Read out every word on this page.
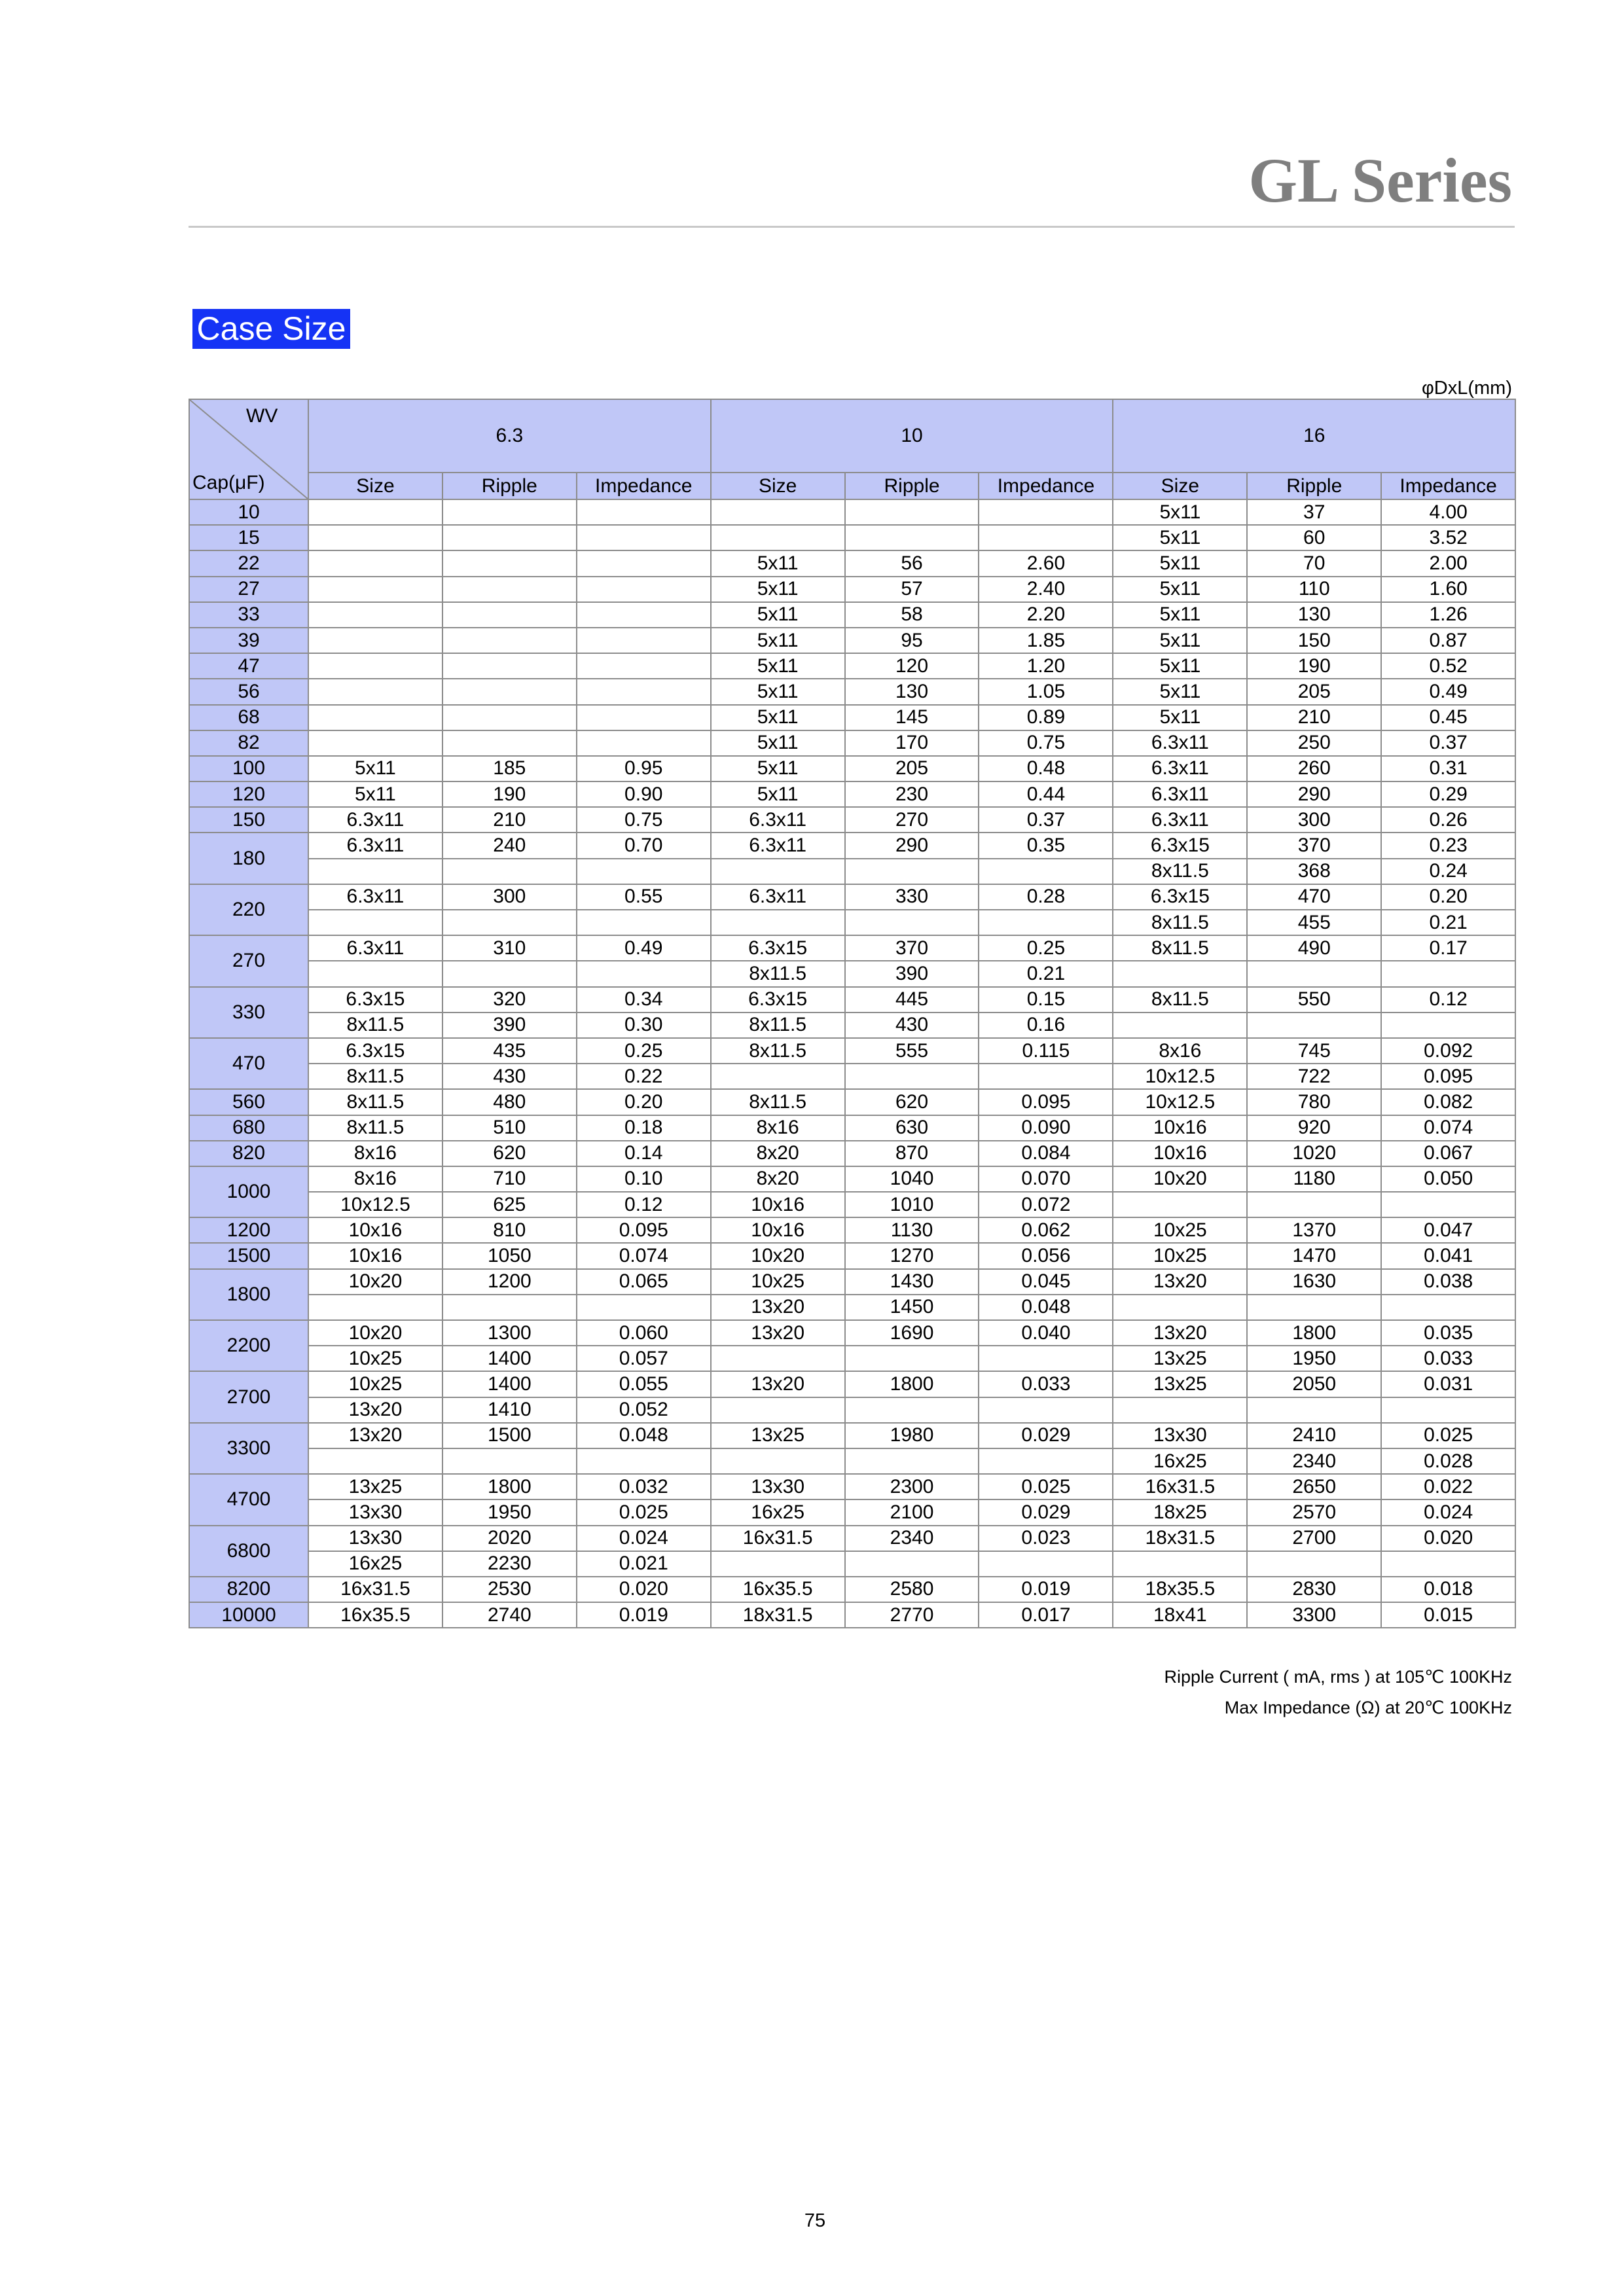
GL Series
Case Size
φDxL(mm)
WV
Cap(μF)	6.3			10			16		
	Size	Ripple	Impedance	Size	Ripple	Impedance	Size	Ripple	Impedance
10							5x11	37	4.00
15							5x11	60	3.52
22				5x11	56	2.60	5x11	70	2.00
27				5x11	57	2.40	5x11	110	1.60
33				5x11	58	2.20	5x11	130	1.26
39				5x11	95	1.85	5x11	150	0.87
47				5x11	120	1.20	5x11	190	0.52
56				5x11	130	1.05	5x11	205	0.49
68				5x11	145	0.89	5x11	210	0.45
82				5x11	170	0.75	6.3x11	250	0.37
100	5x11	185	0.95	5x11	205	0.48	6.3x11	260	0.31
120	5x11	190	0.90	5x11	230	0.44	6.3x11	290	0.29
150	6.3x11	210	0.75	6.3x11	270	0.37	6.3x11	300	0.26
180	6.3x11	240	0.70	6.3x11	290	0.35	6.3x15	370	0.23
							8x11.5	368	0.24
220	6.3x11	300	0.55	6.3x11	330	0.28	6.3x15	470	0.20
							8x11.5	455	0.21
270	6.3x11	310	0.49	6.3x15	370	0.25	8x11.5	490	0.17
				8x11.5	390	0.21			
330	6.3x15	320	0.34	6.3x15	445	0.15	8x11.5	550	0.12
	8x11.5	390	0.30	8x11.5	430	0.16			
470	6.3x15	435	0.25	8x11.5	555	0.115	8x16	745	0.092
	8x11.5	430	0.22				10x12.5	722	0.095
560	8x11.5	480	0.20	8x11.5	620	0.095	10x12.5	780	0.082
680	8x11.5	510	0.18	8x16	630	0.090	10x16	920	0.074
820	8x16	620	0.14	8x20	870	0.084	10x16	1020	0.067
1000	8x16	710	0.10	8x20	1040	0.070	10x20	1180	0.050
	10x12.5	625	0.12	10x16	1010	0.072			
1200	10x16	810	0.095	10x16	1130	0.062	10x25	1370	0.047
1500	10x16	1050	0.074	10x20	1270	0.056	10x25	1470	0.041
1800	10x20	1200	0.065	10x25	1430	0.045	13x20	1630	0.038
				13x20	1450	0.048			
2200	10x20	1300	0.060	13x20	1690	0.040	13x20	1800	0.035
	10x25	1400	0.057				13x25	1950	0.033
2700	10x25	1400	0.055	13x20	1800	0.033	13x25	2050	0.031
	13x20	1410	0.052						
3300	13x20	1500	0.048	13x25	1980	0.029	13x30	2410	0.025
							16x25	2340	0.028
4700	13x25	1800	0.032	13x30	2300	0.025	16x31.5	2650	0.022
	13x30	1950	0.025	16x25	2100	0.029	18x25	2570	0.024
6800	13x30	2020	0.024	16x31.5	2340	0.023	18x31.5	2700	0.020
	16x25	2230	0.021						
8200	16x31.5	2530	0.020	16x35.5	2580	0.019	18x35.5	2830	0.018
10000	16x35.5	2740	0.019	18x31.5	2770	0.017	18x41	3300	0.015
Ripple Current ( mA, rms ) at 105℃ 100KHz
Max Impedance (Ω) at 20℃ 100KHz
75
